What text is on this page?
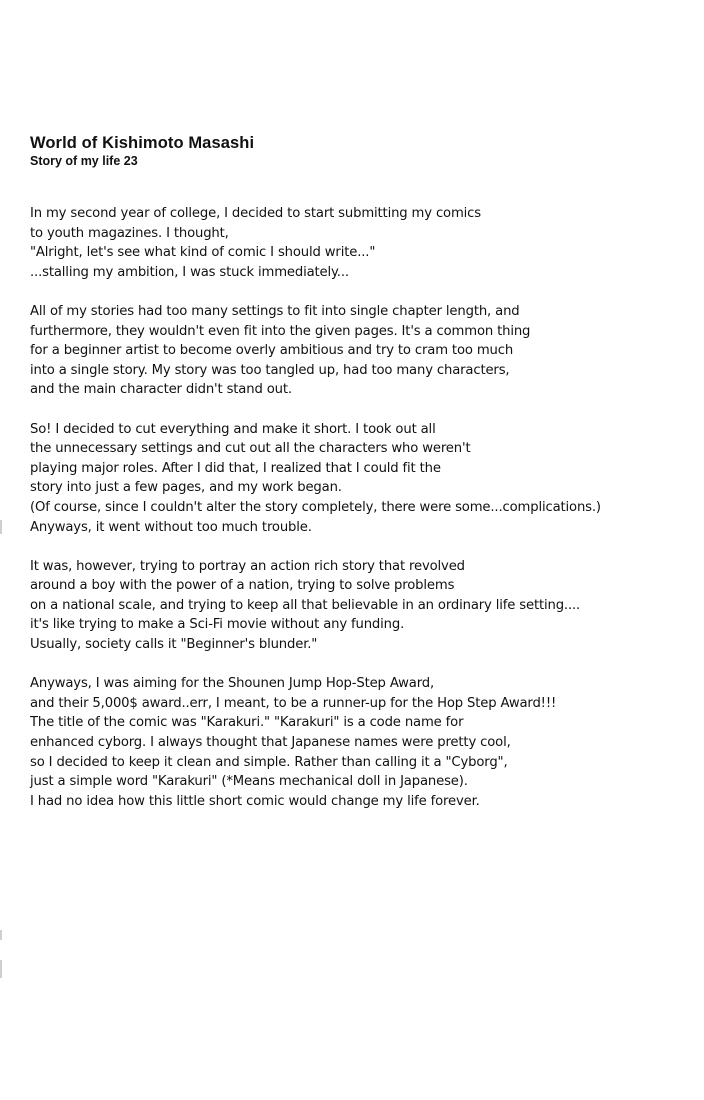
World of Kishimoto Masashi
Story of my life 23
In my second year of college, I decided to start submitting my comics
to youth magazines. I thought,
"Alright, let's see what kind of comic I should write..."
...stalling my ambition, I was stuck immediately...
All of my stories had too many settings to fit into single chapter length, and
furthermore, they wouldn't even fit into the given pages. It's a common thing
for a beginner artist to become overly ambitious and try to cram too much
into a single story. My story was too tangled up, had too many characters,
and the main character didn't stand out.
So! I decided to cut everything and make it short. I took out all
the unnecessary settings and cut out all the characters who weren't
playing major roles. After I did that, I realized that I could fit the
story into just a few pages, and my work began.
(Of course, since I couldn't alter the story completely, there were some...complications.)
Anyways, it went without too much trouble.
It was, however, trying to portray an action rich story that revolved
around a boy with the power of a nation, trying to solve problems
on a national scale, and trying to keep all that believable in an ordinary life setting....
it's like trying to make a Sci-Fi movie without any funding.
Usually, society calls it "Beginner's blunder."
Anyways, I was aiming for the Shounen Jump Hop-Step Award,
and their 5,000$ award..err, I meant, to be a runner-up for the Hop Step Award!!!
The title of the comic was "Karakuri." "Karakuri" is a code name for
enhanced cyborg. I always thought that Japanese names were pretty cool,
so I decided to keep it clean and simple. Rather than calling it a "Cyborg",
just a simple word "Karakuri" (*Means mechanical doll in Japanese).
I had no idea how this little short comic would change my life forever.
